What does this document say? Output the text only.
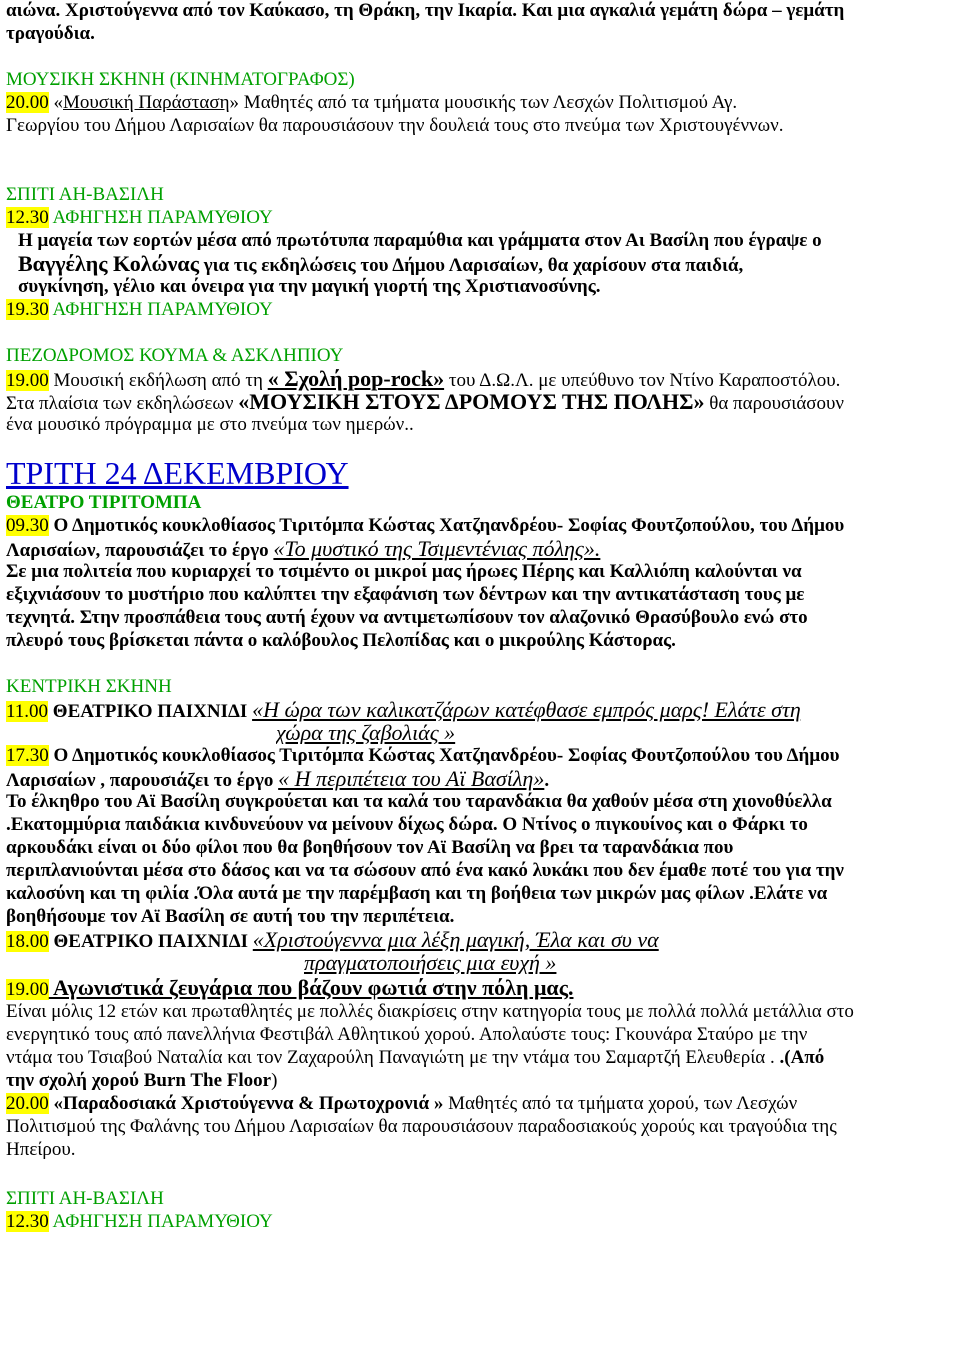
αιώνα. Χριστούγεννα από τον Καύκασο, τη Θράκη, την Ικαρία. Και μια αγκαλιά γεμάτη δώρα – γεμάτη
τραγούδια.
ΜΟΥΣΙΚΗ ΣΚΗΝΗ (ΚΙΝΗΜΑΤΟΓΡΑΦΟΣ)
20.00 «Μουσική Παράσταση» Μαθητές από τα τμήματα μουσικής των Λεσχών Πολιτισμού Αγ.
Γεωργίου του Δήμου Λαρισαίων θα παρουσιάσουν την δουλειά τους στο πνεύμα των Χριστουγέννων.
ΣΠΙΤΙ ΑΗ-ΒΑΣΙΛΗ
12.30 ΑΦΗΓΗΣΗ ΠΑΡΑΜΥΘΙΟΥ
Η μαγεία των εορτών μέσα από πρωτότυπα παραμύθια και γράμματα στον Αι Βασίλη που έγραψε ο
Βαγγέλης Κολώνας για τις εκδηλώσεις του Δήμου Λαρισαίων, θα χαρίσουν στα παιδιά,
συγκίνηση, γέλιο και όνειρα για την μαγική γιορτή της Χριστιανοσύνης.
19.30 ΑΦΗΓΗΣΗ ΠΑΡΑΜΥΘΙΟΥ
ΠΕΖΟΔΡΟΜΟΣ ΚΟΥΜΑ & ΑΣΚΛΗΠΙΟΥ
19.00 Μουσική εκδήλωση από τη « Σχολή pop-rock» του Δ.Ω.Λ. με υπεύθυνο τον Ντίνο Καραποστόλου.
Στα πλαίσια των εκδηλώσεων «ΜΟΥΣΙΚΗ ΣΤΟΥΣ ΔΡΟΜΟΥΣ ΤΗΣ ΠΟΛΗΣ» θα παρουσιάσουν
ένα μουσικό πρόγραμμα με στο πνεύμα των ημερών..
ΤΡΙΤΗ 24 ΔΕΚΕΜΒΡΙΟΥ
ΘΕΑΤΡΟ ΤΙΡΙΤΟΜΠΑ
09.30 Ο Δημοτικός κουκλοθίασος Τιριτόμπα Κώστας Χατζηανδρέου- Σοφίας Φουτζοπούλου, του Δήμου
Λαρισαίων, παρουσιάζει το έργο «Το μυστικό της Τσιμεντένιας πόλης».
Σε μια πολιτεία που κυριαρχεί το τσιμέντο οι μικροί μας ήρωες Πέρης και Καλλιόπη καλούνται να
εξιχνιάσουν το μυστήριο που καλύπτει την εξαφάνιση των δέντρων και την αντικατάσταση τους με
τεχνητά. Στην προσπάθεια τους αυτή έχουν να αντιμετωπίσουν τον αλαζονικό Θρασύβουλο ενώ στο
πλευρό τους βρίσκεται πάντα ο καλόβουλος Πελοπίδας και ο μικρούλης Κάστορας.
ΚΕΝΤΡΙΚΗ ΣΚΗΝΗ
11.00 ΘΕΑΤΡΙΚΟ ΠΑΙΧΝΙΔΙ «Η ώρα των καλικατζάρων κατέφθασε εμπρός μαρς! Ελάτε στη
χώρα της ζαβολιάς »
17.30 Ο Δημοτικός κουκλοθίασος Τιριτόμπα Κώστας Χατζηανδρέου- Σοφίας Φουτζοπούλου του Δήμου
Λαρισαίων , παρουσιάζει το έργο « Η περιπέτεια του Αϊ Βασίλη».
Το έλκηθρο του Αϊ Βασίλη συγκρούεται και τα καλά του ταρανδάκια θα χαθούν μέσα στη χιονοθύελλα
.Εκατομμύρια παιδάκια κινδυνεύουν να μείνουν δίχως δώρα. Ο Ντίνος ο πιγκουίνος και ο Φάρκι το
αρκουδάκι είναι οι δύο φίλοι που θα βοηθήσουν τον Αϊ Βασίλη να βρει τα ταρανδάκια που
περιπλανιούνται μέσα στο δάσος και να τα σώσουν από ένα κακό λυκάκι που δεν έμαθε ποτέ του για την
καλοσύνη και τη φιλία .Όλα αυτά με την παρέμβαση και τη βοήθεια των μικρών μας φίλων .Ελάτε να
βοηθήσουμε τον Αϊ Βασίλη σε αυτή του την περιπέτεια.
18.00 ΘΕΑΤΡΙΚΟ ΠΑΙΧΝΙΔΙ «Χριστούγεννα μια λέξη μαγική, Έλα και συ να
πραγματοποιήσεις μια ευχή »
19.00 Αγωνιστικά ζευγάρια που βάζουν φωτιά στην πόλη μας.
Είναι μόλις 12 ετών και πρωταθλητές με πολλές διακρίσεις στην κατηγορία τους με πολλά πολλά μετάλλια στο
ενεργητικό τους από πανελλήνια Φεστιβάλ Αθλητικού χορού. Απολαύστε τους: Γκουνάρα Σταύρο με την
ντάμα του Τσιαβού Ναταλία και τον Ζαχαρούλη Παναγιώτη με την ντάμα του Σαμαρτζή Ελευθερία . .(Από
την σχολή χορού Burn The Floor)
20.00 «Παραδοσιακά Χριστούγεννα & Πρωτοχρονιά » Μαθητές από τα τμήματα χορού, των Λεσχών
Πολιτισμού της Φαλάνης του Δήμου Λαρισαίων θα παρουσιάσουν παραδοσιακούς χορούς και τραγούδια της
Ηπείρου.
ΣΠΙΤΙ ΑΗ-ΒΑΣΙΛΗ
12.30 ΑΦΗΓΗΣΗ ΠΑΡΑΜΥΘΙΟΥ
